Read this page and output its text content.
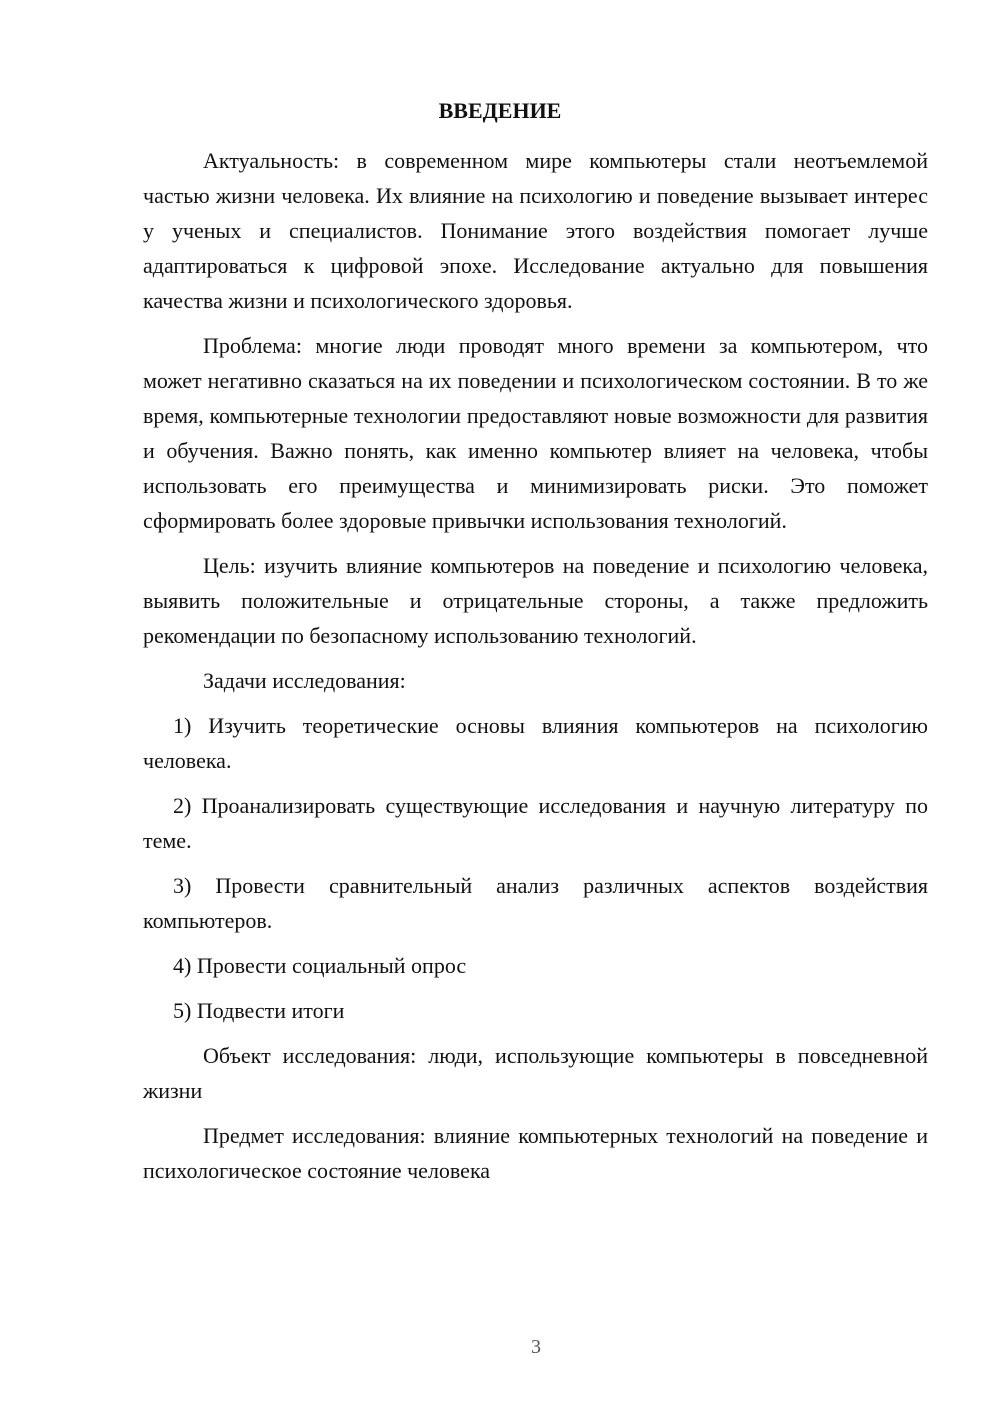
ВВЕДЕНИЕ

Актуальность: в современном мире компьютеры стали неотъемлемой частью жизни человека. Их влияние на психологию и поведение вызывает интерес у ученых и специалистов. Понимание этого воздействия помогает лучше адаптироваться к цифровой эпохе. Исследование актуально для повышения качества жизни и психологического здоровья.

Проблема: многие люди проводят много времени за компьютером, что может негативно сказаться на их поведении и психологическом состоянии. В то же время, компьютерные технологии предоставляют новые возможности для развития и обучения. Важно понять, как именно компьютер влияет на человека, чтобы использовать его преимущества и минимизировать риски. Это поможет сформировать более здоровые привычки использования технологий.

Цель: изучить влияние компьютеров на поведение и психологию человека, выявить положительные и отрицательные стороны, а также предложить рекомендации по безопасному использованию технологий.

Задачи исследования:

1) Изучить теоретические основы влияния компьютеров на психологию человека.

2) Проанализировать существующие исследования и научную литературу по теме.

3) Провести сравнительный анализ различных аспектов воздействия компьютеров.

4) Провести социальный опрос

5) Подвести итоги

Объект исследования: люди, использующие компьютеры в повседневной жизни

Предмет исследования: влияние компьютерных технологий на поведение и психологическое состояние человека

3
